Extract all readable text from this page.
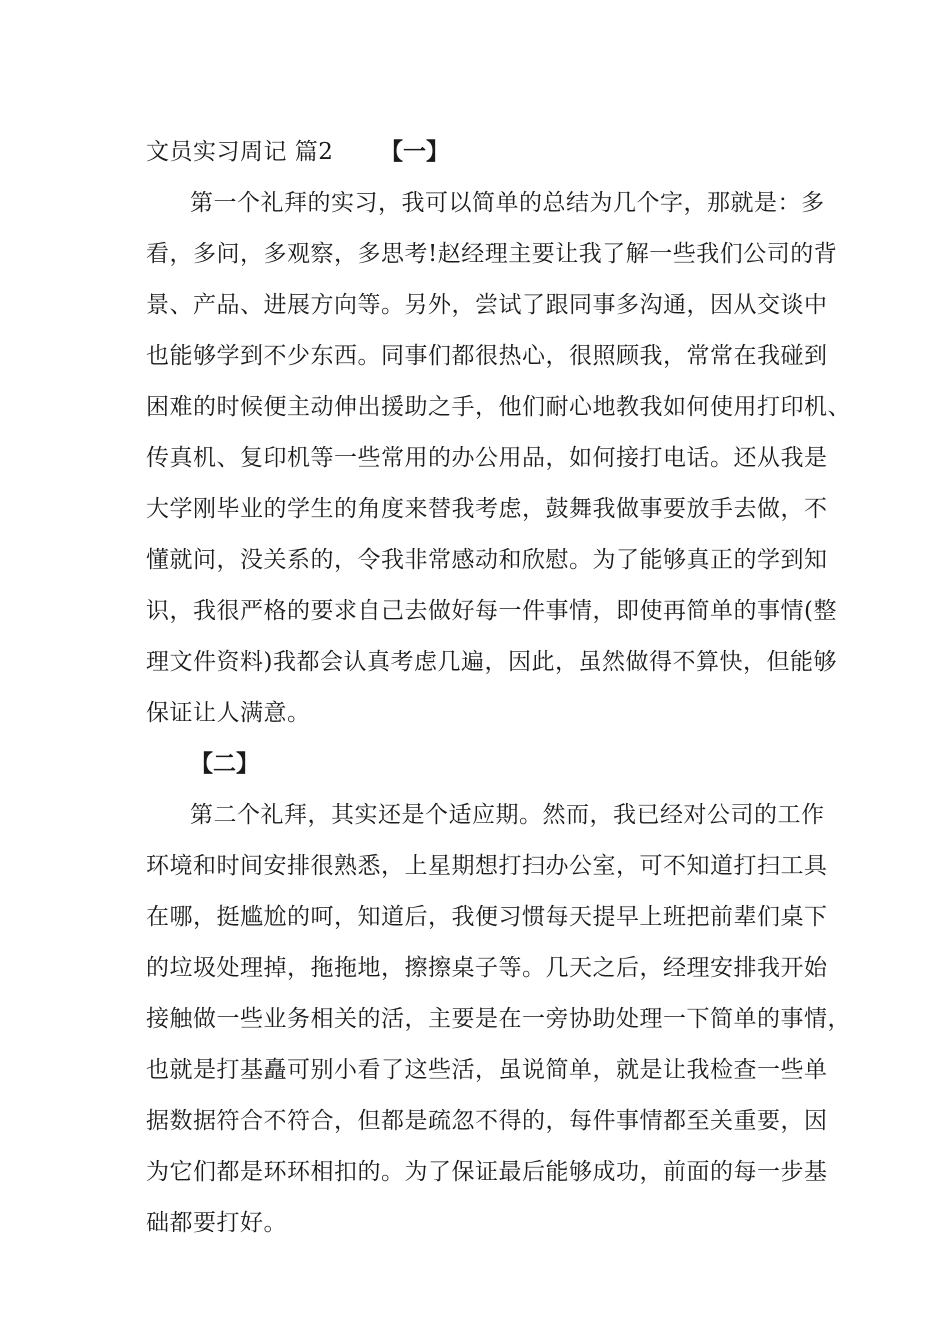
文员实习周记 篇2 【一】
第一个礼拜的实习，我可以简单的总结为几个字，那就是：多
看，多问，多观察，多思考!赵经理主要让我了解一些我们公司的背
景、产品、进展方向等。另外，尝试了跟同事多沟通，因从交谈中
也能够学到不少东西。同事们都很热心，很照顾我，常常在我碰到
困难的时候便主动伸出援助之手，他们耐心地教我如何使用打印机、
传真机、复印机等一些常用的办公用品，如何接打电话。还从我是
大学刚毕业的学生的角度来替我考虑，鼓舞我做事要放手去做，不
懂就问，没关系的，令我非常感动和欣慰。为了能够真正的学到知
识，我很严格的要求自己去做好每一件事情，即使再简单的事情(整
理文件资料)我都会认真考虑几遍，因此，虽然做得不算快，但能够
保证让人满意。
【二】
第二个礼拜，其实还是个适应期。然而，我已经对公司的工作
环境和时间安排很熟悉，上星期想打扫办公室，可不知道打扫工具
在哪，挺尴尬的呵，知道后，我便习惯每天提早上班把前辈们桌下
的垃圾处理掉，拖拖地，擦擦桌子等。几天之后，经理安排我开始
接触做一些业务相关的活，主要是在一旁协助处理一下简单的事情，
也就是打基矗可别小看了这些活，虽说简单，就是让我检查一些单
据数据符合不符合，但都是疏忽不得的，每件事情都至关重要，因
为它们都是环环相扣的。为了保证最后能够成功，前面的每一步基
础都要打好。
